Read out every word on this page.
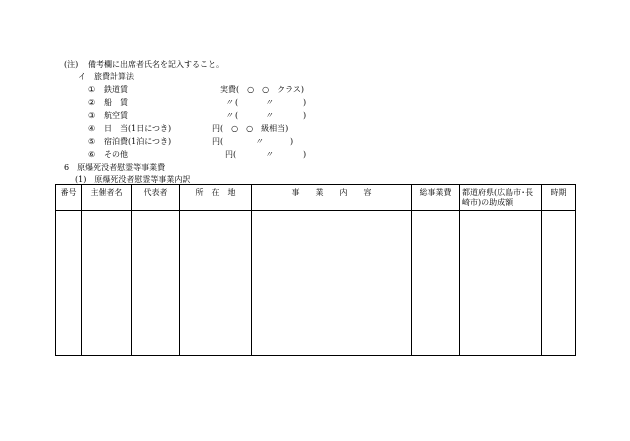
(注) 備考欄に出席者氏名を記入すること。
イ　旅費計算法
① 鉄道賃	実費(　○　○　クラス)
② 船　賃	〃 (	〃	)
③ 航空賃	〃 (	〃	)
④ 日　当(1日につき)	円(　○　○　級相当)
⑤ 宿泊費(1泊につき)	円(	〃	)
⑥ その他	円(	〃	)
6　原爆死没者慰霊等事業費
(1)　原爆死没者慰霊等事業内訳
番号	主催者名	代表者	所　在　地	事　　業　　内　　容	総事業費	都道府県(広島市･長崎市)の助成額	時期
